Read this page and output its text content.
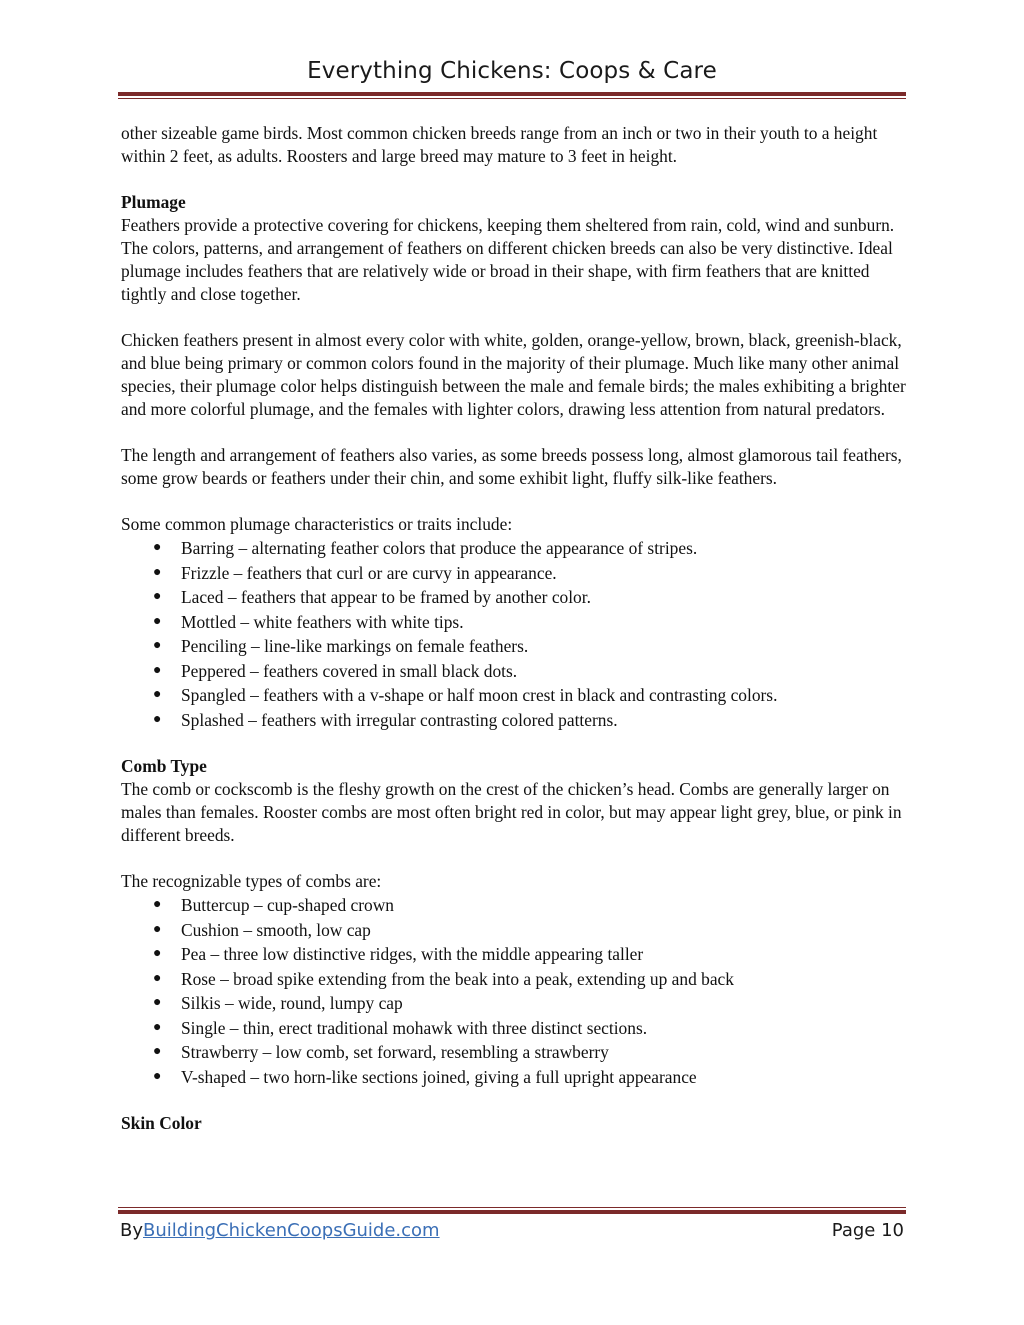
Everything Chickens: Coops & Care

other sizeable game birds. Most common chicken breeds range from an inch or two in their youth to a height within 2 feet, as adults. Roosters and large breed may mature to 3 feet in height.

Plumage

Feathers provide a protective covering for chickens, keeping them sheltered from rain, cold, wind and sunburn. The colors, patterns, and arrangement of feathers on different chicken breeds can also be very distinctive. Ideal plumage includes feathers that are relatively wide or broad in their shape, with firm feathers that are knitted tightly and close together.

Chicken feathers present in almost every color with white, golden, orange-yellow, brown, black, greenish-black, and blue being primary or common colors found in the majority of their plumage. Much like many other animal species, their plumage color helps distinguish between the male and female birds; the males exhibiting a brighter and more colorful plumage, and the females with lighter colors, drawing less attention from natural predators.

The length and arrangement of feathers also varies, as some breeds possess long, almost glamorous tail feathers, some grow beards or feathers under their chin, and some exhibit light, fluffy silk-like feathers.

Some common plumage characteristics or traits include:

● Barring – alternating feather colors that produce the appearance of stripes.
● Frizzle – feathers that curl or are curvy in appearance.
● Laced – feathers that appear to be framed by another color.
● Mottled – white feathers with white tips.
● Penciling – line-like markings on female feathers.
● Peppered – feathers covered in small black dots.
● Spangled – feathers with a v-shape or half moon crest in black and contrasting colors.
● Splashed – feathers with irregular contrasting colored patterns.

Comb Type

The comb or cockscomb is the fleshy growth on the crest of the chicken’s head. Combs are generally larger on males than females. Rooster combs are most often bright red in color, but may appear light grey, blue, or pink in different breeds.

The recognizable types of combs are:

● Buttercup – cup-shaped crown
● Cushion – smooth, low cap
● Pea – three low distinctive ridges, with the middle appearing taller
● Rose – broad spike extending from the beak into a peak, extending up and back
● Silkis – wide, round, lumpy cap
● Single – thin, erect traditional mohawk with three distinct sections.
● Strawberry – low comb, set forward, resembling a strawberry
● V-shaped – two horn-like sections joined, giving a full upright appearance

Skin Color

ByBuildingChickenCoopsGuide.com	Page 10
